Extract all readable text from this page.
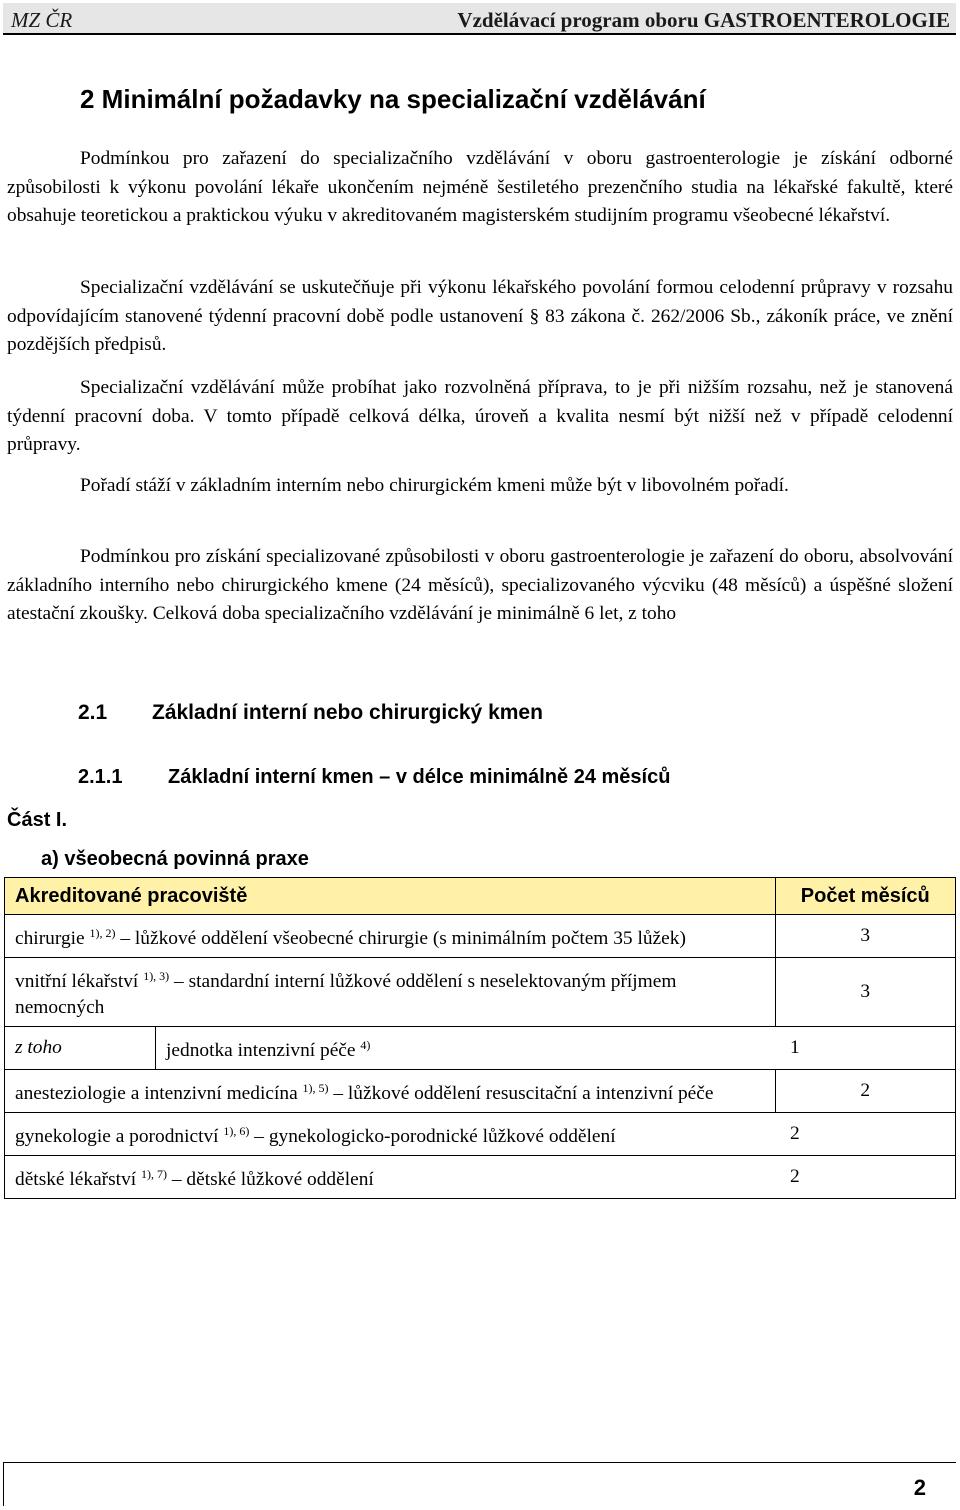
MZ ČR	Vzdělávací program oboru GASTROENTEROLOGIE
2 Minimální požadavky na specializační vzdělávání

Podmínkou pro zařazení do specializačního vzdělávání v oboru gastroenterologie je získání odborné způsobilosti k výkonu povolání lékaře ukončením nejméně šestiletého prezenčního studia na lékařské fakultě, které obsahuje teoretickou a praktickou výuku v akreditovaném magisterském studijním programu všeobecné lékařství.

Specializační vzdělávání se uskutečňuje při výkonu lékařského povolání formou celodenní průpravy v rozsahu odpovídajícím stanovené týdenní pracovní době podle ustanovení § 83 zákona č. 262/2006 Sb., zákoník práce, ve znění pozdějších předpisů.

Specializační vzdělávání může probíhat jako rozvolněná příprava, to je při nižším rozsahu, než je stanovená týdenní pracovní doba. V tomto případě celková délka, úroveň a kvalita nesmí být nižší než v případě celodenní průpravy.

Pořadí stáží v základním interním nebo chirurgickém kmeni může být v libovolném pořadí.

Podmínkou pro získání specializované způsobilosti v oboru gastroenterologie je zařazení do oboru, absolvování základního interního nebo chirurgického kmene (24 měsíců), specializovaného výcviku (48 měsíců) a úspěšné složení atestační zkoušky. Celková doba specializačního vzdělávání je minimálně 6 let, z toho

2.1 Základní interní nebo chirurgický kmen
2.1.1 Základní interní kmen – v délce minimálně 24 měsíců
Část I.
a) všeobecná povinná praxe
Akreditované pracoviště		Počet měsíců

chirurgie $^{1), 2)}$ – lůžkové oddělení všeobecné chirurgie (s minimálním počtem 35 lůžek)		3

vnitřní lékařství $^{1), 3)}$ – standardní interní lůžkové oddělení s neselektovaným příjmem nemocných		3
z toho	jednotka intenzivní péče $^{4)}$	1

anesteziologie a intenzivní medicína $^{1), 5)}$ – lůžkové oddělení resuscitační a intenzivní péče		2

gynekologie a porodnictví $^{1), 6)}$ – gynekologicko-porodnické lůžkové oddělení		2

dětské lékařství $^{1), 7)}$ – dětské lůžkové oddělení		2
2
